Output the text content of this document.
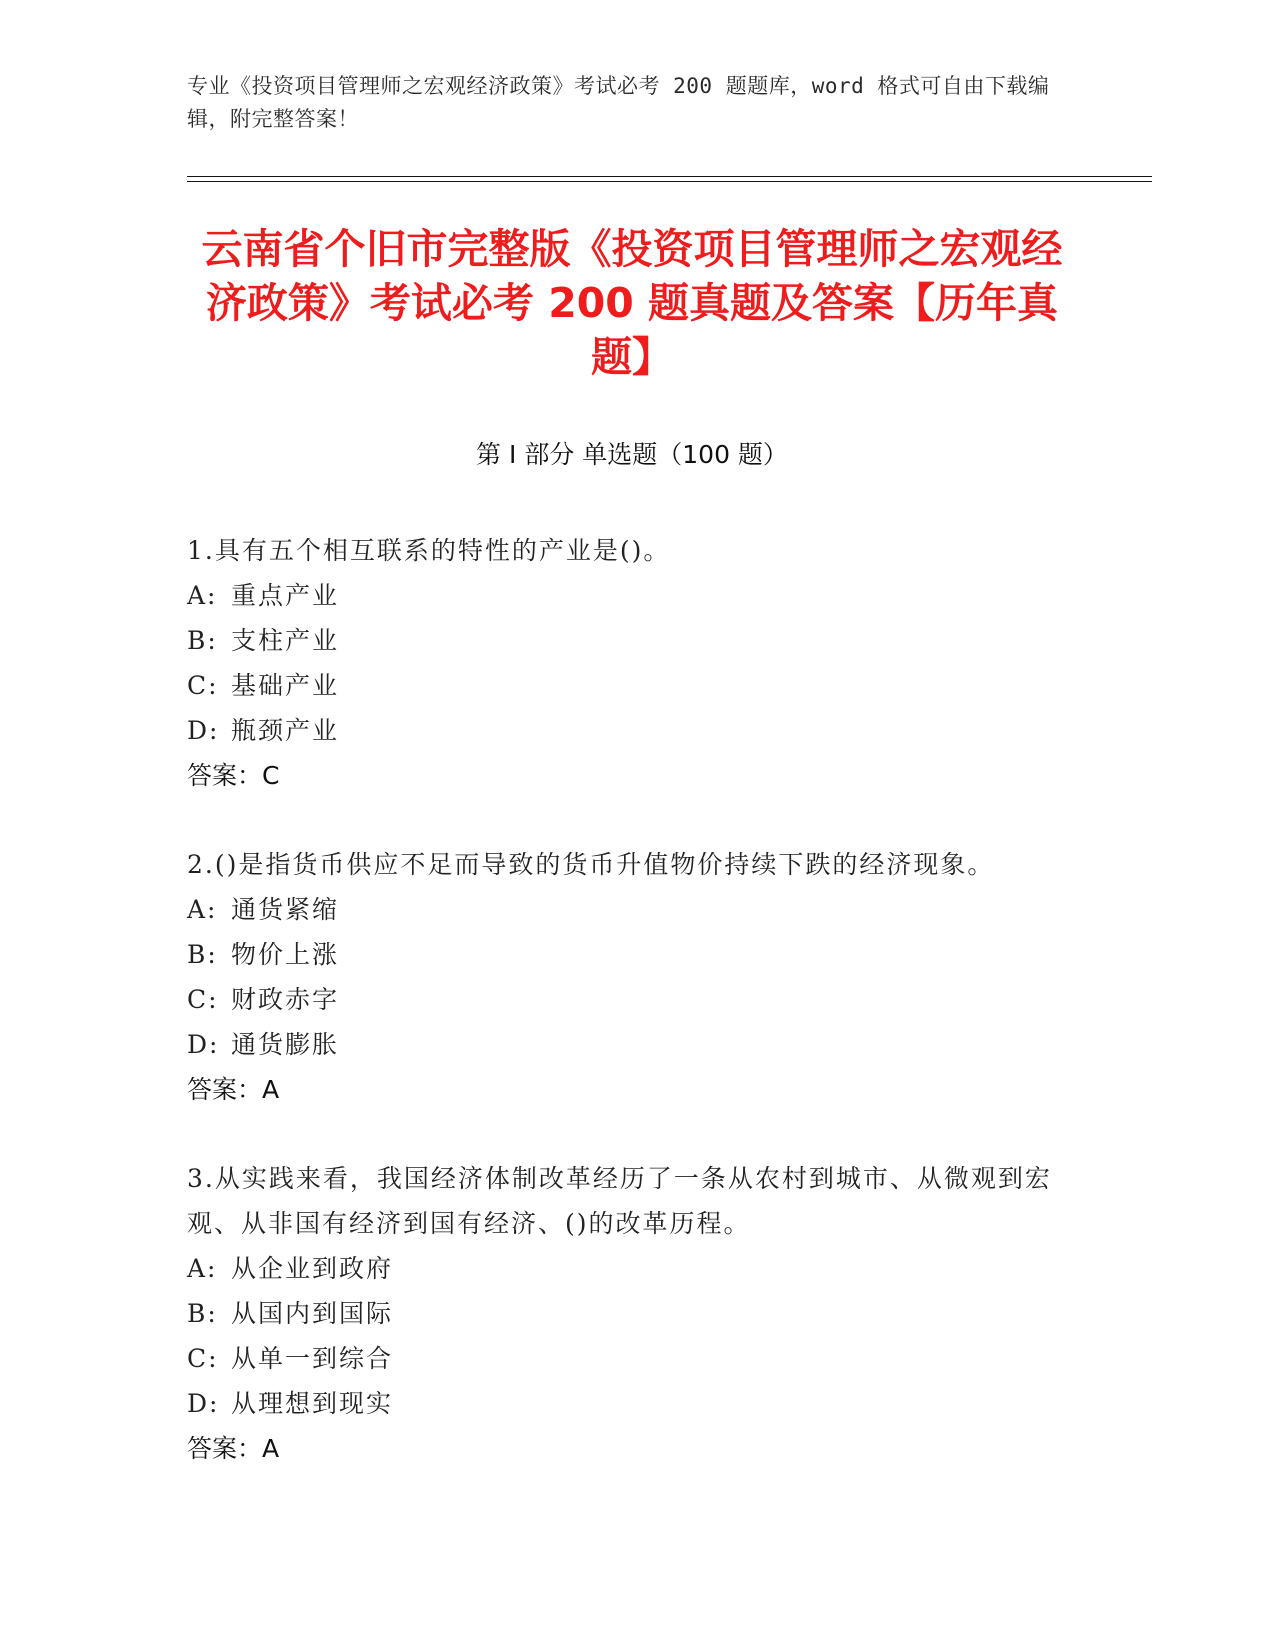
专业《投资项目管理师之宏观经济政策》考试必考 200 题题库，word 格式可自由下载编辑，附完整答案！
云南省个旧市完整版《投资项目管理师之宏观经济政策》考试必考 200 题真题及答案【历年真题】
第 I 部分 单选题（100 题）

1.具有五个相互联系的特性的产业是()。

A: 重点产业

B: 支柱产业

C: 基础产业

D: 瓶颈产业

答案：C

2.()是指货币供应不足而导致的货币升值物价持续下跌的经济现象。

A: 通货紧缩

B: 物价上涨

C: 财政赤字

D: 通货膨胀

答案：A

3.从实践来看，我国经济体制改革经历了一条从农村到城市、从微观到宏观、从非国有经济到国有经济、()的改革历程。

A: 从企业到政府

B: 从国内到国际

C: 从单一到综合

D: 从理想到现实

答案：A
